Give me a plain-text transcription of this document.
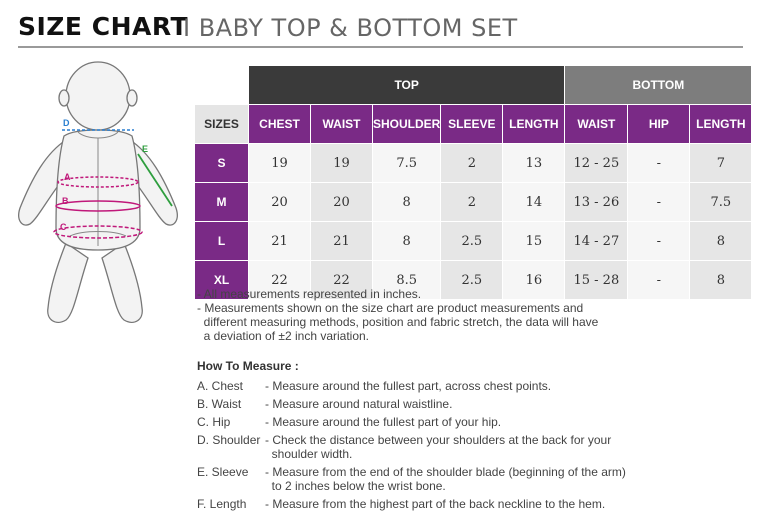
SIZE CHART
I BABY TOP & BOTTOM SET
D
E
A
B
C
	TOP					BOTTOM		
SIZES	CHEST	WAIST	SHOULDER	SLEEVE	LENGTH	WAIST	HIP	LENGTH
S	19	19	7.5	2	13	12 - 25	-	7
M	20	20	8	2	14	13 - 26	-	7.5
L	21	21	8	2.5	15	14 - 27	-	8
XL	22	22	8.5	2.5	16	15 - 28	-	8
- All measurements represented in inches.
- Measurements shown on the size chart are product measurements and
different measuring methods, position and fabric stretch, the data will have
a deviation of ±2 inch variation.
How To Measure :
A. Chest - Measure around the fullest part, across chest points.
B. Waist - Measure around natural waistline.
C. Hip	- Measure around the fullest part of your hip.
D. Shoulder - Check the distance between your shoulders at the back for your
shoulder width.
E. Sleeve - Measure from the end of the shoulder blade (beginning of the arm)
to 2 inches below the wrist bone.
F. Length - Measure from the highest part of the back neckline to the hem.
